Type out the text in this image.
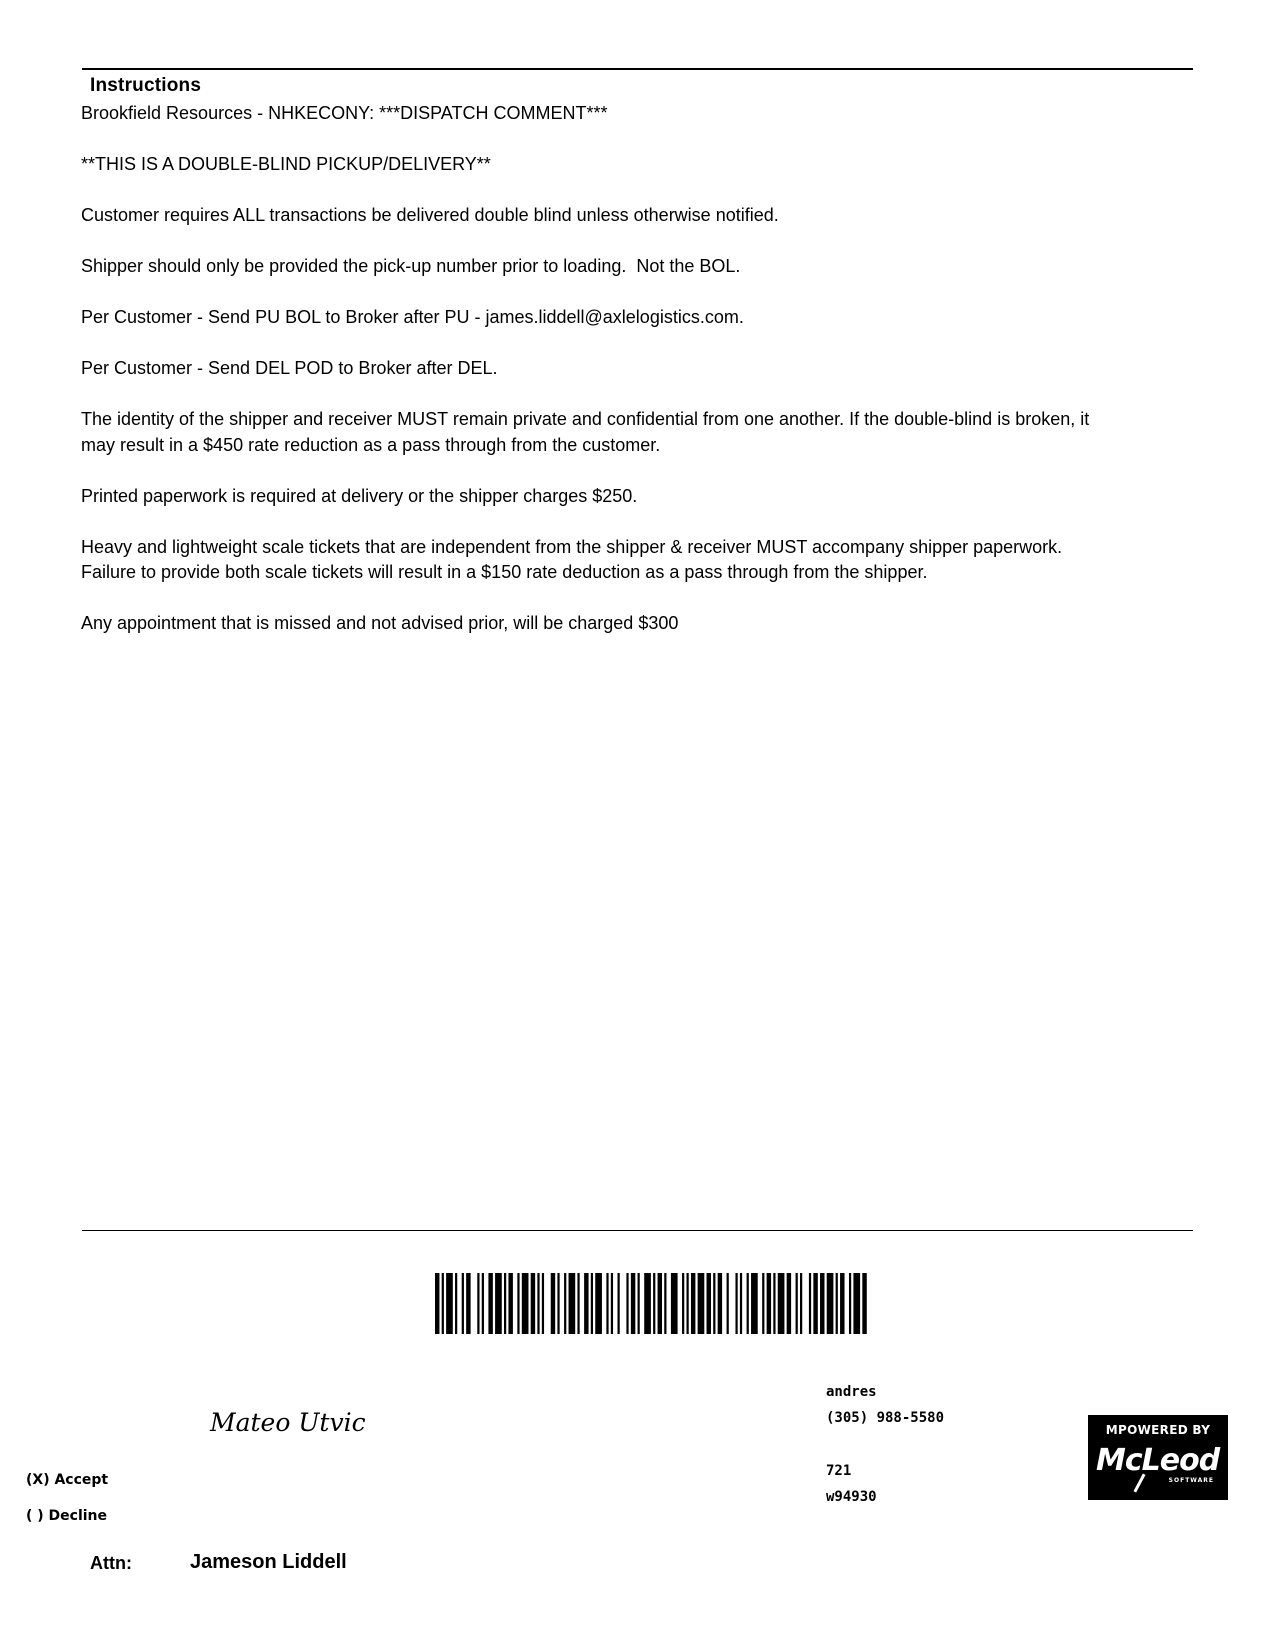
Instructions

Brookfield Resources - NHKECONY: ***DISPATCH COMMENT***

**THIS IS A DOUBLE-BLIND PICKUP/DELIVERY**

Customer requires ALL transactions be delivered double blind unless otherwise notified.

Shipper should only be provided the pick-up number prior to loading.  Not the BOL.

Per Customer - Send PU BOL to Broker after PU - james.liddell@axlelogistics.com.

Per Customer - Send DEL POD to Broker after DEL.

The identity of the shipper and receiver MUST remain private and confidential from one another. If the double-blind is broken, it may result in a $450 rate reduction as a pass through from the customer.

Printed paperwork is required at delivery or the shipper charges $250.

Heavy and lightweight scale tickets that are independent from the shipper & receiver MUST accompany shipper paperwork. Failure to provide both scale tickets will result in a $150 rate deduction as a pass through from the shipper.

Any appointment that is missed and not advised prior, will be charged $300

Mateo Utvic
(X) Accept
( ) Decline
andres
(305) 988-5580
721
w94930
Attn:	Jameson Liddell
MPOWERED BY
McLeod
SOFTWARE
